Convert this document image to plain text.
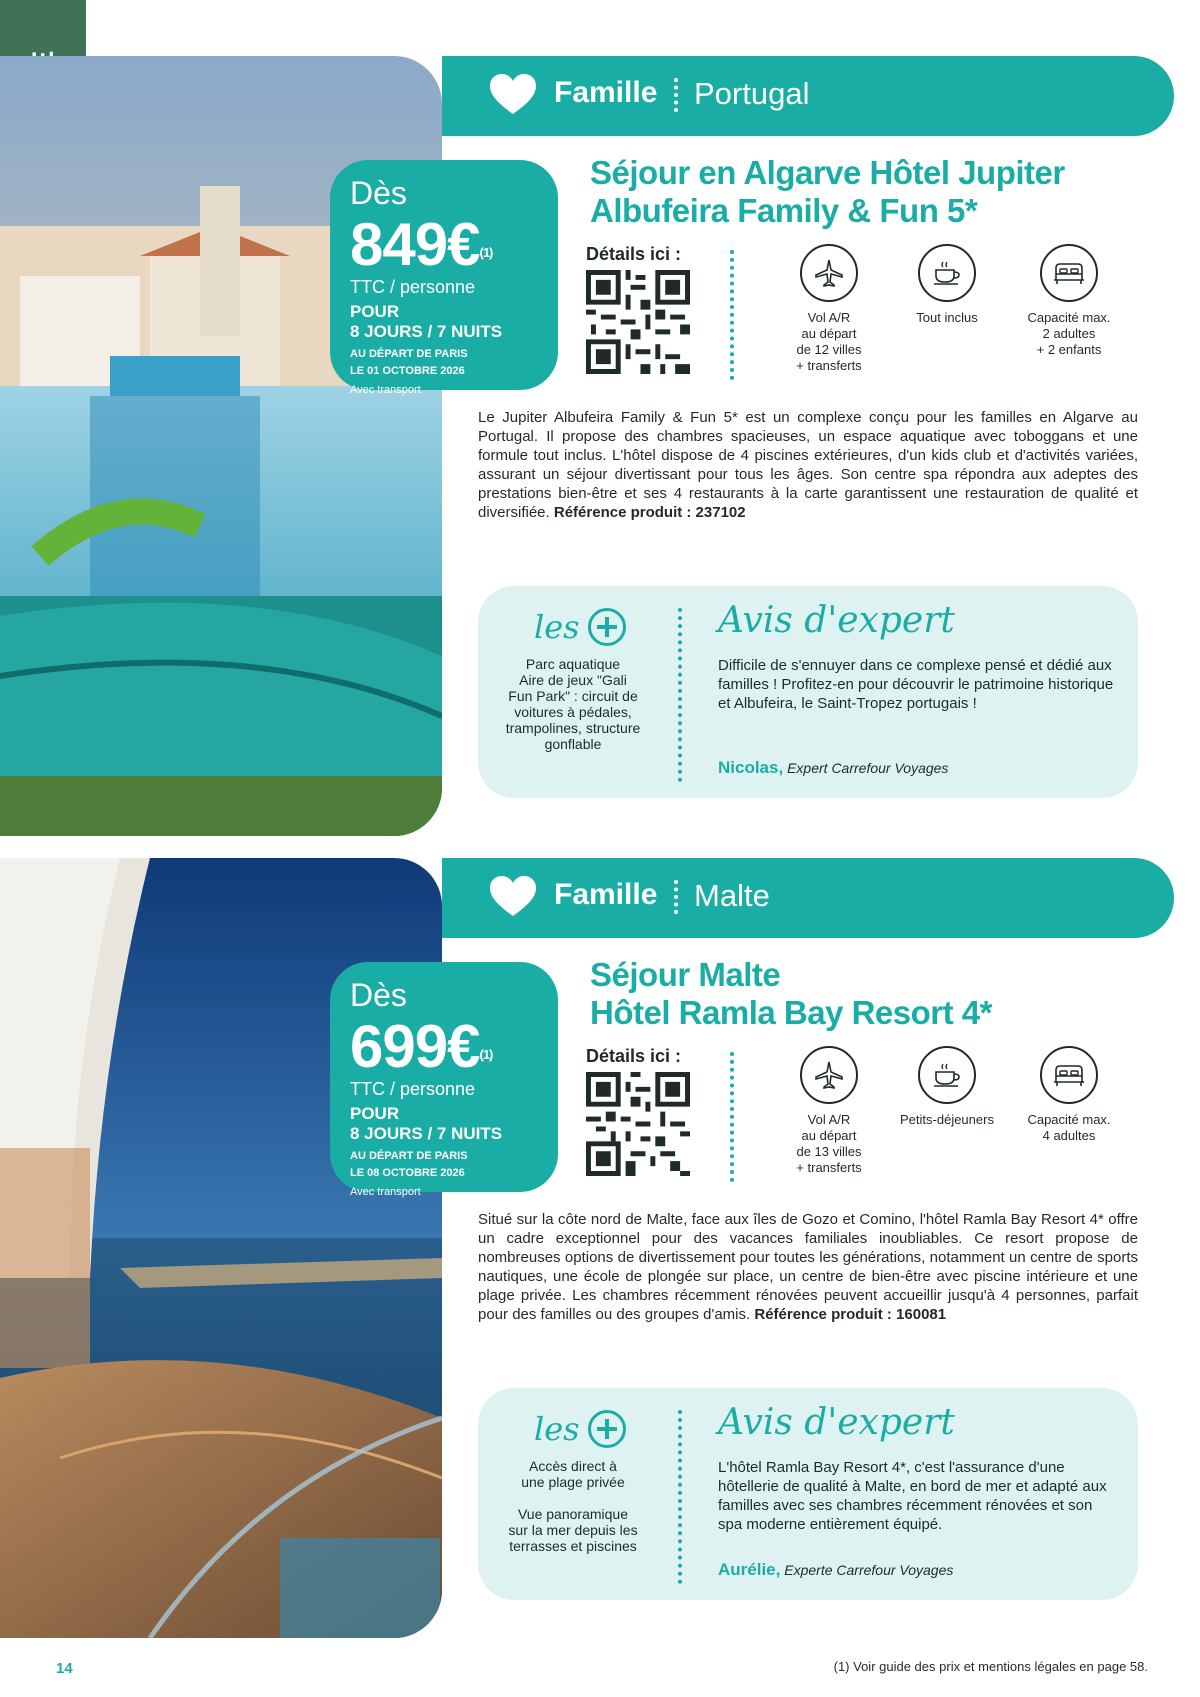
Famille Portugal
Dès
849€$^{(1)}$
TTC / personne
POUR
8 JOURS / 7 NUITS
AU DÉPART DE PARIS
LE 01 OCTOBRE 2026
Avec transport
Séjour en Algarve Hôtel Jupiter
Albufeira Family & Fun 5*
Détails ici :
Vol A/R
au départ
de 12 villes
+ transferts
Tout inclus	Capacité max.
2 adultes
+ 2 enfants

Le Jupiter Albufeira Family & Fun 5* est un complexe conçu pour les familles en Algarve au Portugal. Il propose des chambres spacieuses, un espace aquatique avec toboggans et une formule tout inclus. L'hôtel dispose de 4 piscines extérieures, d'un kids club et d'activités variées, assurant un séjour divertissant pour tous les âges. Son centre spa répondra aux adeptes des prestations bien-être et ses 4 restaurants à la carte garantissent une restauration de qualité et diversifiée. Référence produit : 237102

les
Parc aquatique
Aire de jeux "Gali
Fun Park" : circuit de
voitures à pédales,
trampolines, structure
gonflable
Avis d'expert
Difficile de s'ennuyer dans ce complexe pensé et dédié aux familles ! Profitez-en pour découvrir le patrimoine historique et Albufeira, le Saint-Tropez portugais !
Nicolas, Expert Carrefour Voyages
Famille Malte
Dès
699€$^{(1)}$
TTC / personne
POUR
8 JOURS / 7 NUITS
AU DÉPART DE PARIS
LE 08 OCTOBRE 2026
Avec transport
Séjour Malte
Hôtel Ramla Bay Resort 4*
Détails ici :
Vol A/R
au départ
de 13 villes
+ transferts
Petits-déjeuners	Capacité max.
4 adultes

Situé sur la côte nord de Malte, face aux îles de Gozo et Comino, l'hôtel Ramla Bay Resort 4* offre un cadre exceptionnel pour des vacances familiales inoubliables. Ce resort propose de nombreuses options de divertissement pour toutes les générations, notamment un centre de sports nautiques, une école de plongée sur place, un centre de bien-être avec piscine intérieure et une plage privée. Les chambres récemment rénovées peuvent accueillir jusqu'à 4 personnes, parfait pour des familles ou des groupes d'amis. Référence produit : 160081

les
Accès direct à
une plage privée

Vue panoramique
sur la mer depuis les
terrasses et piscines
Avis d'expert
L'hôtel Ramla Bay Resort 4*, c'est l'assurance d'une hôtellerie de qualité à Malte, en bord de mer et adapté aux familles avec ses chambres récemment rénovées et son spa moderne entièrement équipé.
Aurélie, Experte Carrefour Voyages
14	(1) Voir guide des prix et mentions légales en page 58.
